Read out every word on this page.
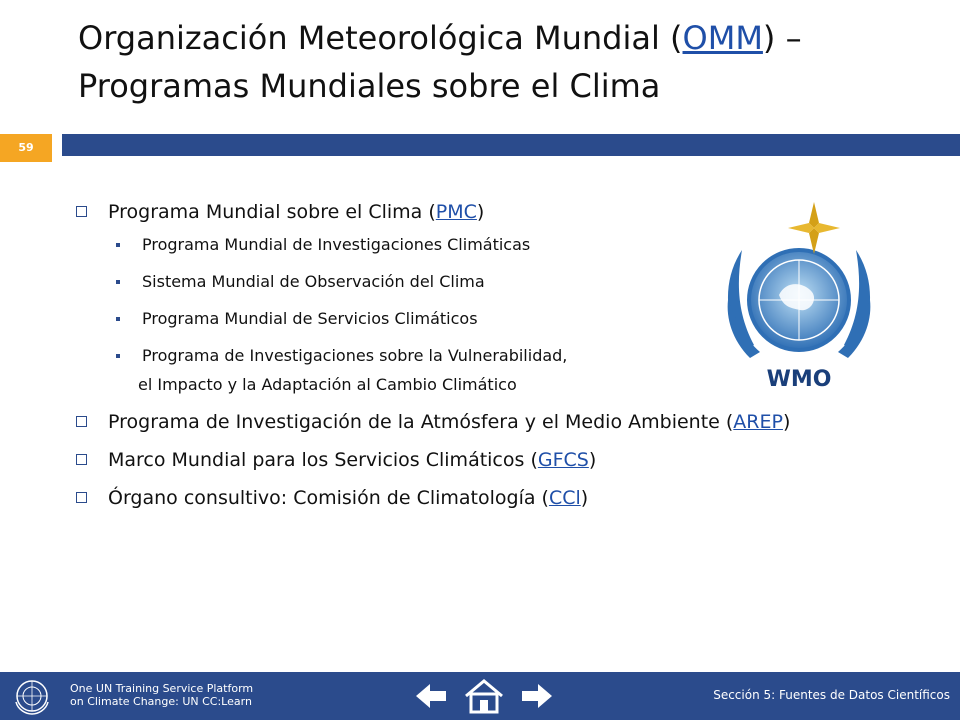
Organización Meteorológica Mundial (OMM) –
Programas Mundiales sobre el Clima
59
Programa Mundial sobre el Clima (PMC)
Programa Mundial de Investigaciones Climáticas
Sistema Mundial de Observación del Clima
Programa Mundial de Servicios Climáticos
Programa de Investigaciones sobre la Vulnerabilidad,
el Impacto y la Adaptación al Cambio Climático
Programa de Investigación de la Atmósfera y el Medio Ambiente (AREP)
Marco Mundial para los Servicios Climáticos (GFCS)
Órgano consultivo: Comisión de Climatología (CCl)
WMO
One UN Training Service Platform
on Climate Change: UN CC:Learn	Sección 5: Fuentes de Datos Científicos
